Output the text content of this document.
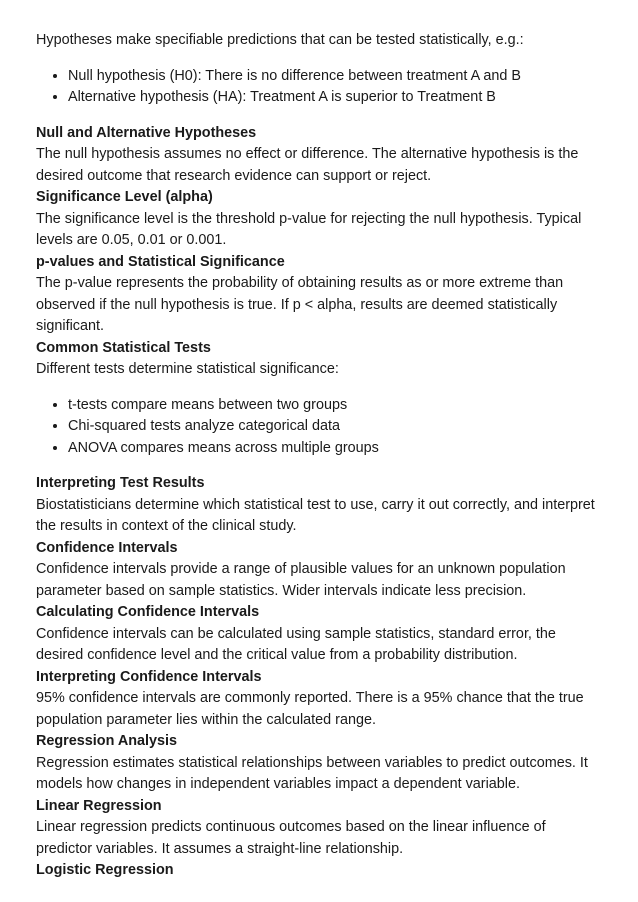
Hypotheses make specifiable predictions that can be tested statistically, e.g.:

• Null hypothesis (H0): There is no difference between treatment A and B
• Alternative hypothesis (HA): Treatment A is superior to Treatment B
Null and Alternative Hypotheses

The null hypothesis assumes no effect or difference. The alternative hypothesis is the desired outcome that research evidence can support or reject.

Significance Level (alpha)

The significance level is the threshold p-value for rejecting the null hypothesis. Typical levels are 0.05, 0.01 or 0.001.

p-values and Statistical Significance

The p-value represents the probability of obtaining results as or more extreme than observed if the null hypothesis is true. If p < alpha, results are deemed statistically significant.

Common Statistical Tests

Different tests determine statistical significance:

• t-tests compare means between two groups
• Chi-squared tests analyze categorical data
• ANOVA compares means across multiple groups
Interpreting Test Results

Biostatisticians determine which statistical test to use, carry it out correctly, and interpret the results in context of the clinical study.

Confidence Intervals

Confidence intervals provide a range of plausible values for an unknown population parameter based on sample statistics. Wider intervals indicate less precision.

Calculating Confidence Intervals

Confidence intervals can be calculated using sample statistics, standard error, the desired confidence level and the critical value from a probability distribution.

Interpreting Confidence Intervals

95% confidence intervals are commonly reported. There is a 95% chance that the true population parameter lies within the calculated range.

Regression Analysis

Regression estimates statistical relationships between variables to predict outcomes. It models how changes in independent variables impact a dependent variable.

Linear Regression

Linear regression predicts continuous outcomes based on the linear influence of predictor variables. It assumes a straight-line relationship.

Logistic Regression
